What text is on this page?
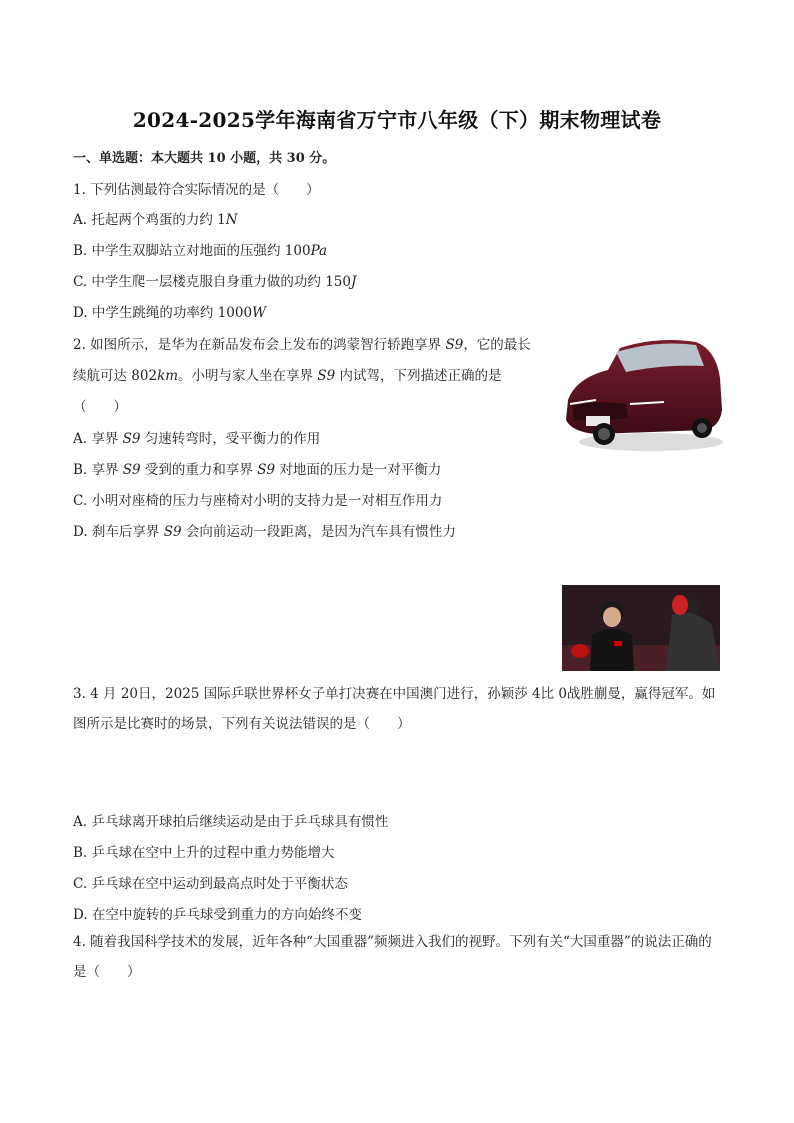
2024-2025学年海南省万宁市八年级（下）期末物理试卷
一、单选题：本大题共 10 小题，共 30 分。
1. 下列估测最符合实际情况的是（　　）
A. 托起两个鸡蛋的力约 1N
B. 中学生双脚站立对地面的压强约 100Pa
C. 中学生爬一层楼克服自身重力做的功约 150J
D. 中学生跳绳的功率约 1000W
2. 如图所示，是华为在新品发布会上发布的鸿蒙智行轿跑享界 S9，它的最长
续航可达 802km。小明与家人坐在享界 S9 内试驾，下列描述正确的是
（　　）
A. 享界 S9 匀速转弯时，受平衡力的作用
B. 享界 S9 受到的重力和享界 S9 对地面的压力是一对平衡力
C. 小明对座椅的压力与座椅对小明的支持力是一对相互作用力
D. 刹车后享界 S9 会向前运动一段距离，是因为汽车具有惯性力
3. 4 月 20日，2025 国际乒联世界杯女子单打决赛在中国澳门进行，孙颖莎 4比 0战胜蒯曼，赢得冠军。如图所示是比赛时的场景，下列有关说法错误的是（　　）
A. 乒乓球离开球拍后继续运动是由于乒乓球具有惯性
B. 乒乓球在空中上升的过程中重力势能增大
C. 乒乓球在空中运动到最高点时处于平衡状态
D. 在空中旋转的乒乓球受到重力的方向始终不变
4. 随着我国科学技术的发展，近年各种“大国重器”频频进入我们的视野。下列有关“大国重器”的说法正确的是（　　）
